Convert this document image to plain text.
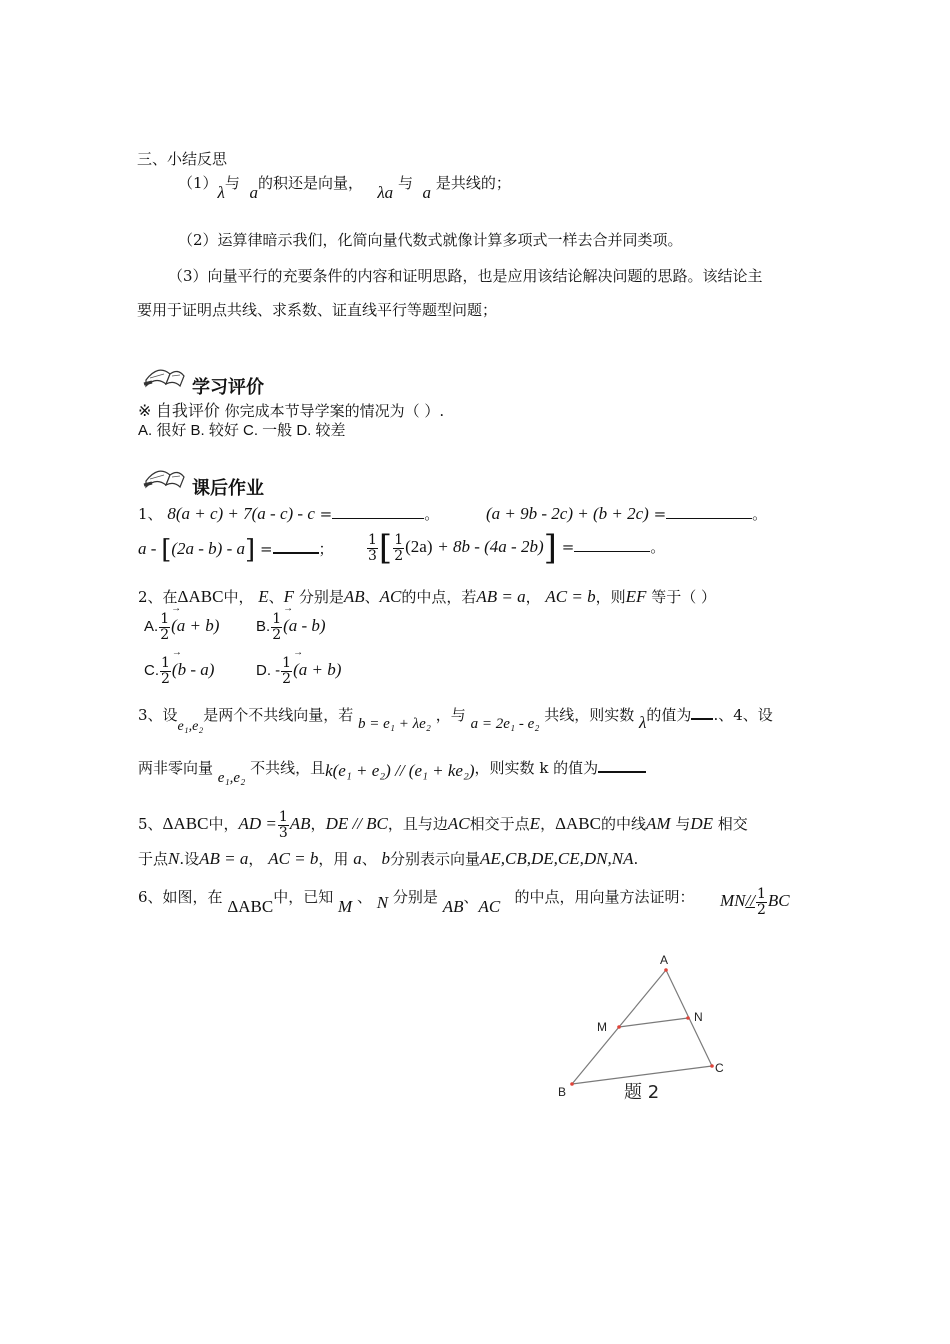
三、小结反思
（1）λ与 a的积还是向量， λa 与 a 是共线的；
（2）运算律暗示我们，化简向量代数式就像计算多项式一样去合并同类项。
（3）向量平行的充要条件的内容和证明思路，也是应用该结论解决问题的思路。该结论主
要用于证明点共线、求系数、证直线平行等题型问题；
学习评价
※ 自我评价 你完成本节导学案的情况为（ ）.
A. 很好 B. 较好 C. 一般 D. 较差
课后作业
1、 8(a + c) + 7(a - c) - c =	。	(a + 9b - 2c) + (b + 2c) =	。
a - [(2a - b) - a] =	； $\frac{1}{3}$ [ $\frac{1}{2} (2a) + 8b - (4a - 2b)$] =	。
2、在ΔABC中， E、F 分别是AB、AC的中点，若AB = a， AC = b，则EF 等于（ ）
A. $\frac{1}{2}$
→ (a + b) B. $\frac{1}{2}$
→ (a - b)
C. $\frac{1}{2}$
→ (b - a)	D. - $\frac{1}{2}$
→ (a + b)
3、设e₁,e₂是两个不共线向量，若 b = e₁ + λe₂ ，与 a = 2e₁ - e₂ 共线，则实数 λ的值为 .、4、设
两非零向量 e₁,e₂ 不共线，且k(e₁ + e₂) // (e₁ + ke₂)，则实数 k 的值为
5、ΔABC中，AD = $\frac{1}{3}$ AB，DE // BC，且与边AC相交于点E，ΔABC的中线AM 与DE 相交
于点N.设AB = a， AC = b，用 a、 b分别表示向量AE,CB,DE,CE,DN,NA.
6、如图，在 ΔABC中，已知 M 、 N 分别是 AB、AC 的中点，用向量方法证明： $MN// \frac{1}{2}$ BC
A
M
N
B
C
题 2
